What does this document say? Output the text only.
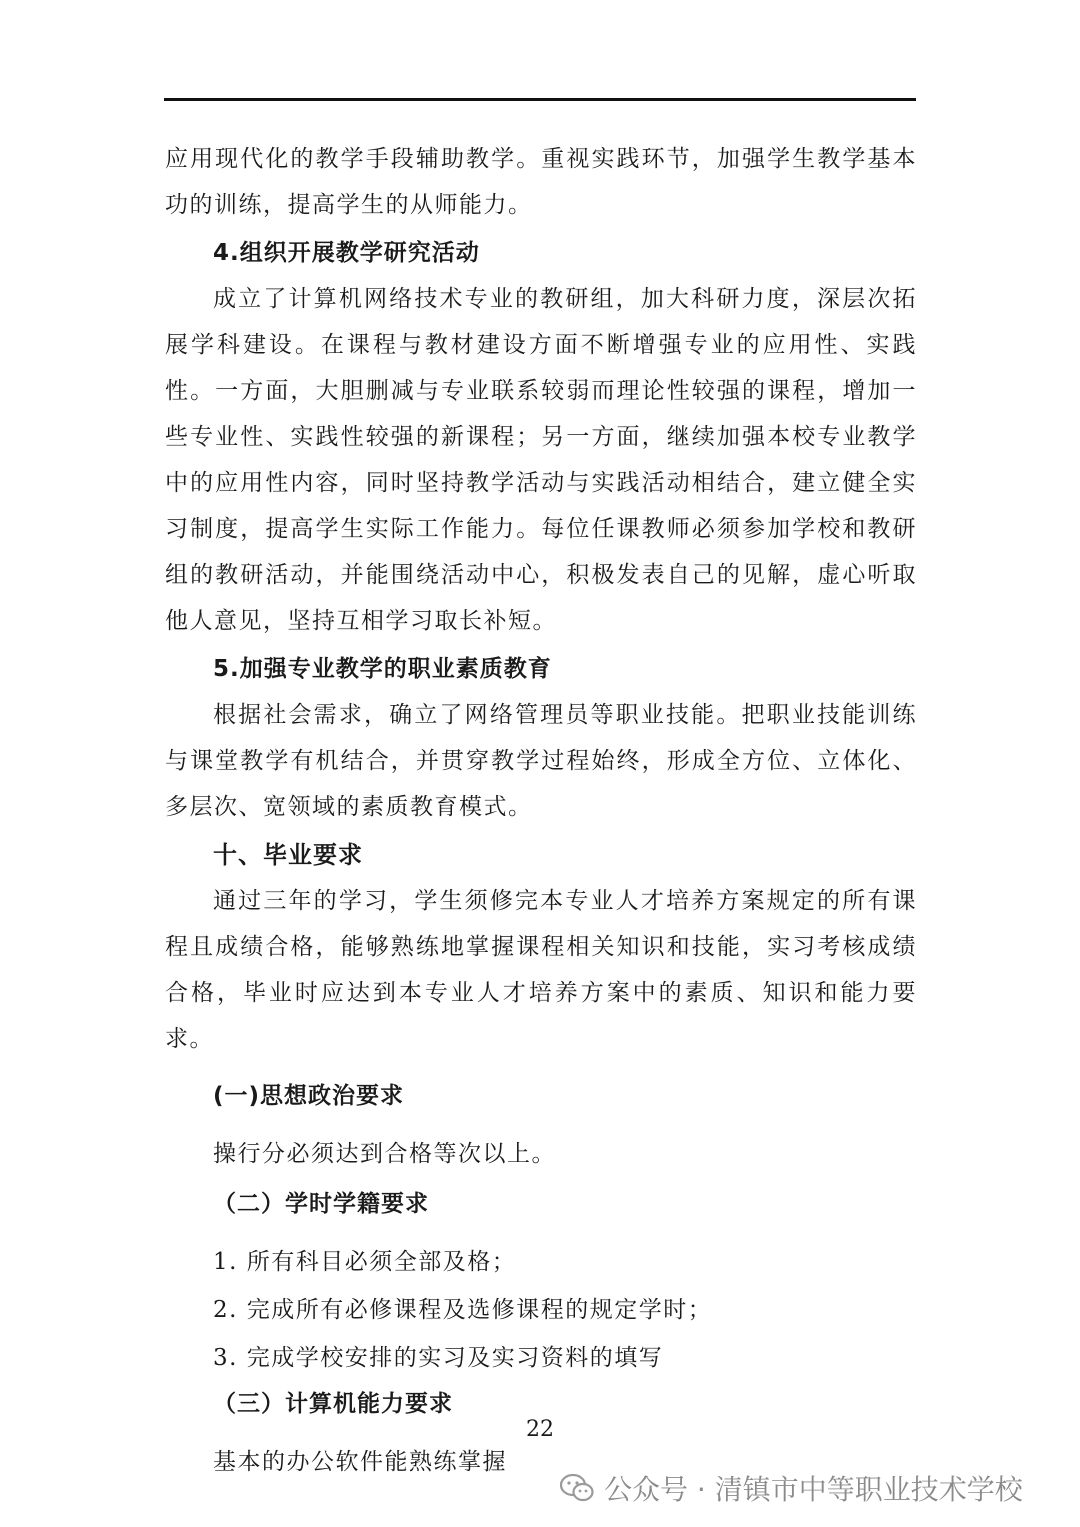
应用现代化的教学手段辅助教学。重视实践环节，加强学生教学基本功的训练，提高学生的从师能力。

4.组织开展教学研究活动

成立了计算机网络技术专业的教研组，加大科研力度，深层次拓展学科建设。在课程与教材建设方面不断增强专业的应用性、实践性。一方面，大胆删减与专业联系较弱而理论性较强的课程，增加一些专业性、实践性较强的新课程；另一方面，继续加强本校专业教学中的应用性内容，同时坚持教学活动与实践活动相结合，建立健全实习制度，提高学生实际工作能力。每位任课教师必须参加学校和教研组的教研活动，并能围绕活动中心，积极发表自己的见解，虚心听取他人意见，坚持互相学习取长补短。

5.加强专业教学的职业素质教育

根据社会需求，确立了网络管理员等职业技能。把职业技能训练与课堂教学有机结合，并贯穿教学过程始终，形成全方位、立体化、多层次、宽领域的素质教育模式。

十、毕业要求

通过三年的学习，学生须修完本专业人才培养方案规定的所有课程且成绩合格，能够熟练地掌握课程相关知识和技能，实习考核成绩合格，毕业时应达到本专业人才培养方案中的素质、知识和能力要求。

(一)思想政治要求

操行分必须达到合格等次以上。

（二）学时学籍要求

1. 所有科目必须全部及格；

2. 完成所有必修课程及选修课程的规定学时；

3. 完成学校安排的实习及实习资料的填写

（三）计算机能力要求

基本的办公软件能熟练掌握

22
公众号 · 清镇市中等职业技术学校
